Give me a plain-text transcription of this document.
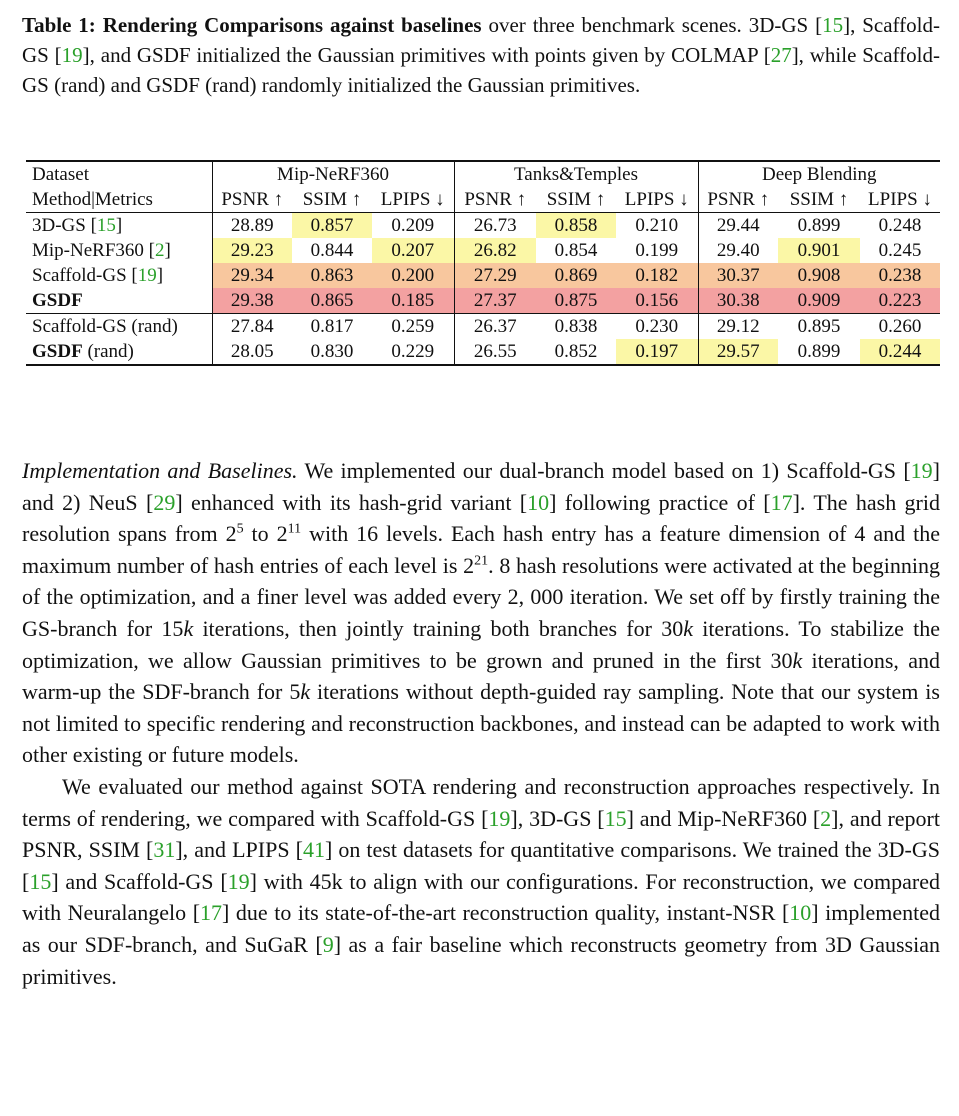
Table 1: Rendering Comparisons against baselines over three benchmark scenes. 3D-GS [15], Scaffold-GS [19], and GSDF initialized the Gaussian primitives with points given by COLMAP [27], while Scaffold-GS (rand) and GSDF (rand) randomly initialized the Gaussian primitives.
Dataset	Mip-NeRF360			Tanks&Temples			Deep Blending		
Method|Metrics	PSNR ↑	SSIM ↑	LPIPS ↓	PSNR ↑	SSIM ↑	LPIPS ↓	PSNR ↑	SSIM ↑	LPIPS ↓
3D-GS [15]	28.89	0.857	0.209	26.73	0.858	0.210	29.44	0.899	0.248
Mip-NeRF360 [2]	29.23	0.844	0.207	26.82	0.854	0.199	29.40	0.901	0.245
Scaffold-GS [19]	29.34	0.863	0.200	27.29	0.869	0.182	30.37	0.908	0.238
GSDF	29.38	0.865	0.185	27.37	0.875	0.156	30.38	0.909	0.223
Scaffold-GS (rand)	27.84	0.817	0.259	26.37	0.838	0.230	29.12	0.895	0.260
GSDF (rand)	28.05	0.830	0.229	26.55	0.852	0.197	29.57	0.899	0.244

Implementation and Baselines. We implemented our dual-branch model based on 1) Scaffold-GS [19] and 2) NeuS [29] enhanced with its hash-grid variant [10] following practice of [17]. The hash grid resolution spans from $2^5$ to $2^{11}$ with 16 levels. Each hash entry has a feature dimension of 4 and the maximum number of hash entries of each level is $2^{21}$. 8 hash resolutions were activated at the beginning of the optimization, and a finer level was added every 2, 000 iteration. We set off by firstly training the GS-branch for 15k iterations, then jointly training both branches for 30k iterations. To stabilize the optimization, we allow Gaussian primitives to be grown and pruned in the first 30k iterations, and warm-up the SDF-branch for 5k iterations without depth-guided ray sampling. Note that our system is not limited to specific rendering and reconstruction backbones, and instead can be adapted to work with other existing or future models.

We evaluated our method against SOTA rendering and reconstruction approaches respectively. In terms of rendering, we compared with Scaffold-GS [19], 3D-GS [15] and Mip-NeRF360 [2], and report PSNR, SSIM [31], and LPIPS [41] on test datasets for quantitative comparisons. We trained the 3D-GS [15] and Scaffold-GS [19] with 45k to align with our configurations. For reconstruction, we compared with Neuralangelo [17] due to its state-of-the-art reconstruction quality, instant-NSR [10] implemented as our SDF-branch, and SuGaR [9] as a fair baseline which reconstructs geometry from 3D Gaussian primitives.
